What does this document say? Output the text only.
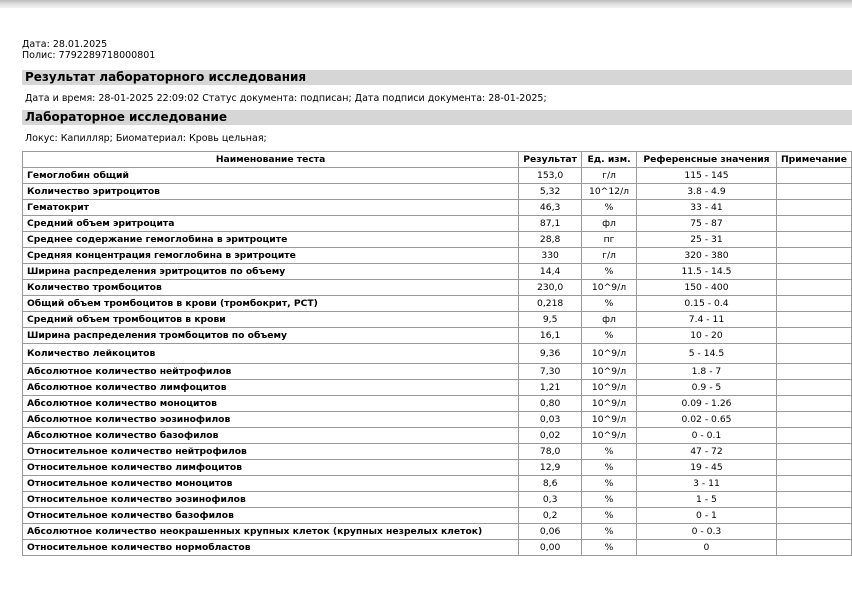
Дата: 28.01.2025
Полис: 7792289718000801
Результат лабораторного исследования
Дата и время: 28-01-2025 22:09:02 Статус документа: подписан; Дата подписи документа: 28-01-2025;
Лабораторное исследование
Локус: Капилляр; Биоматериал: Кровь цельная;
Наименование теста	Результат	Ед. изм.	Референсные значения	Примечание
Гемоглобин общий	153,0	г/л	115 - 145	
Количество эритроцитов	5,32	10^12/л	3.8 - 4.9	
Гематокрит	46,3	%	33 - 41	
Средний объем эритроцита	87,1	фл	75 - 87	
Среднее содержание гемоглобина в эритроците	28,8	пг	25 - 31	
Средняя концентрация гемоглобина в эритроците	330	г/л	320 - 380	
Ширина распределения эритроцитов по объему	14,4	%	11.5 - 14.5	
Количество тромбоцитов	230,0	10^9/л	150 - 400	
Общий объем тромбоцитов в крови (тромбокрит, PCT)	0,218	%	0.15 - 0.4	
Средний объем тромбоцитов в крови	9,5	фл	7.4 - 11	
Ширина распределения тромбоцитов по объему	16,1	%	10 - 20	
Количество лейкоцитов	9,36	10^9/л	5 - 14.5	
Абсолютное количество нейтрофилов	7,30	10^9/л	1.8 - 7	
Абсолютное количество лимфоцитов	1,21	10^9/л	0.9 - 5	
Абсолютное количество моноцитов	0,80	10^9/л	0.09 - 1.26	
Абсолютное количество эозинофилов	0,03	10^9/л	0.02 - 0.65	
Абсолютное количество базофилов	0,02	10^9/л	0 - 0.1	
Относительное количество нейтрофилов	78,0	%	47 - 72	
Относительное количество лимфоцитов	12,9	%	19 - 45	
Относительное количество моноцитов	8,6	%	3 - 11	
Относительное количество эозинофилов	0,3	%	1 - 5	
Относительное количество базофилов	0,2	%	0 - 1	
Абсолютное количество неокрашенных крупных клеток (крупных незрелых клеток)	0,06	%	0 - 0.3	
Относительное количество нормобластов	0,00	%	0	
